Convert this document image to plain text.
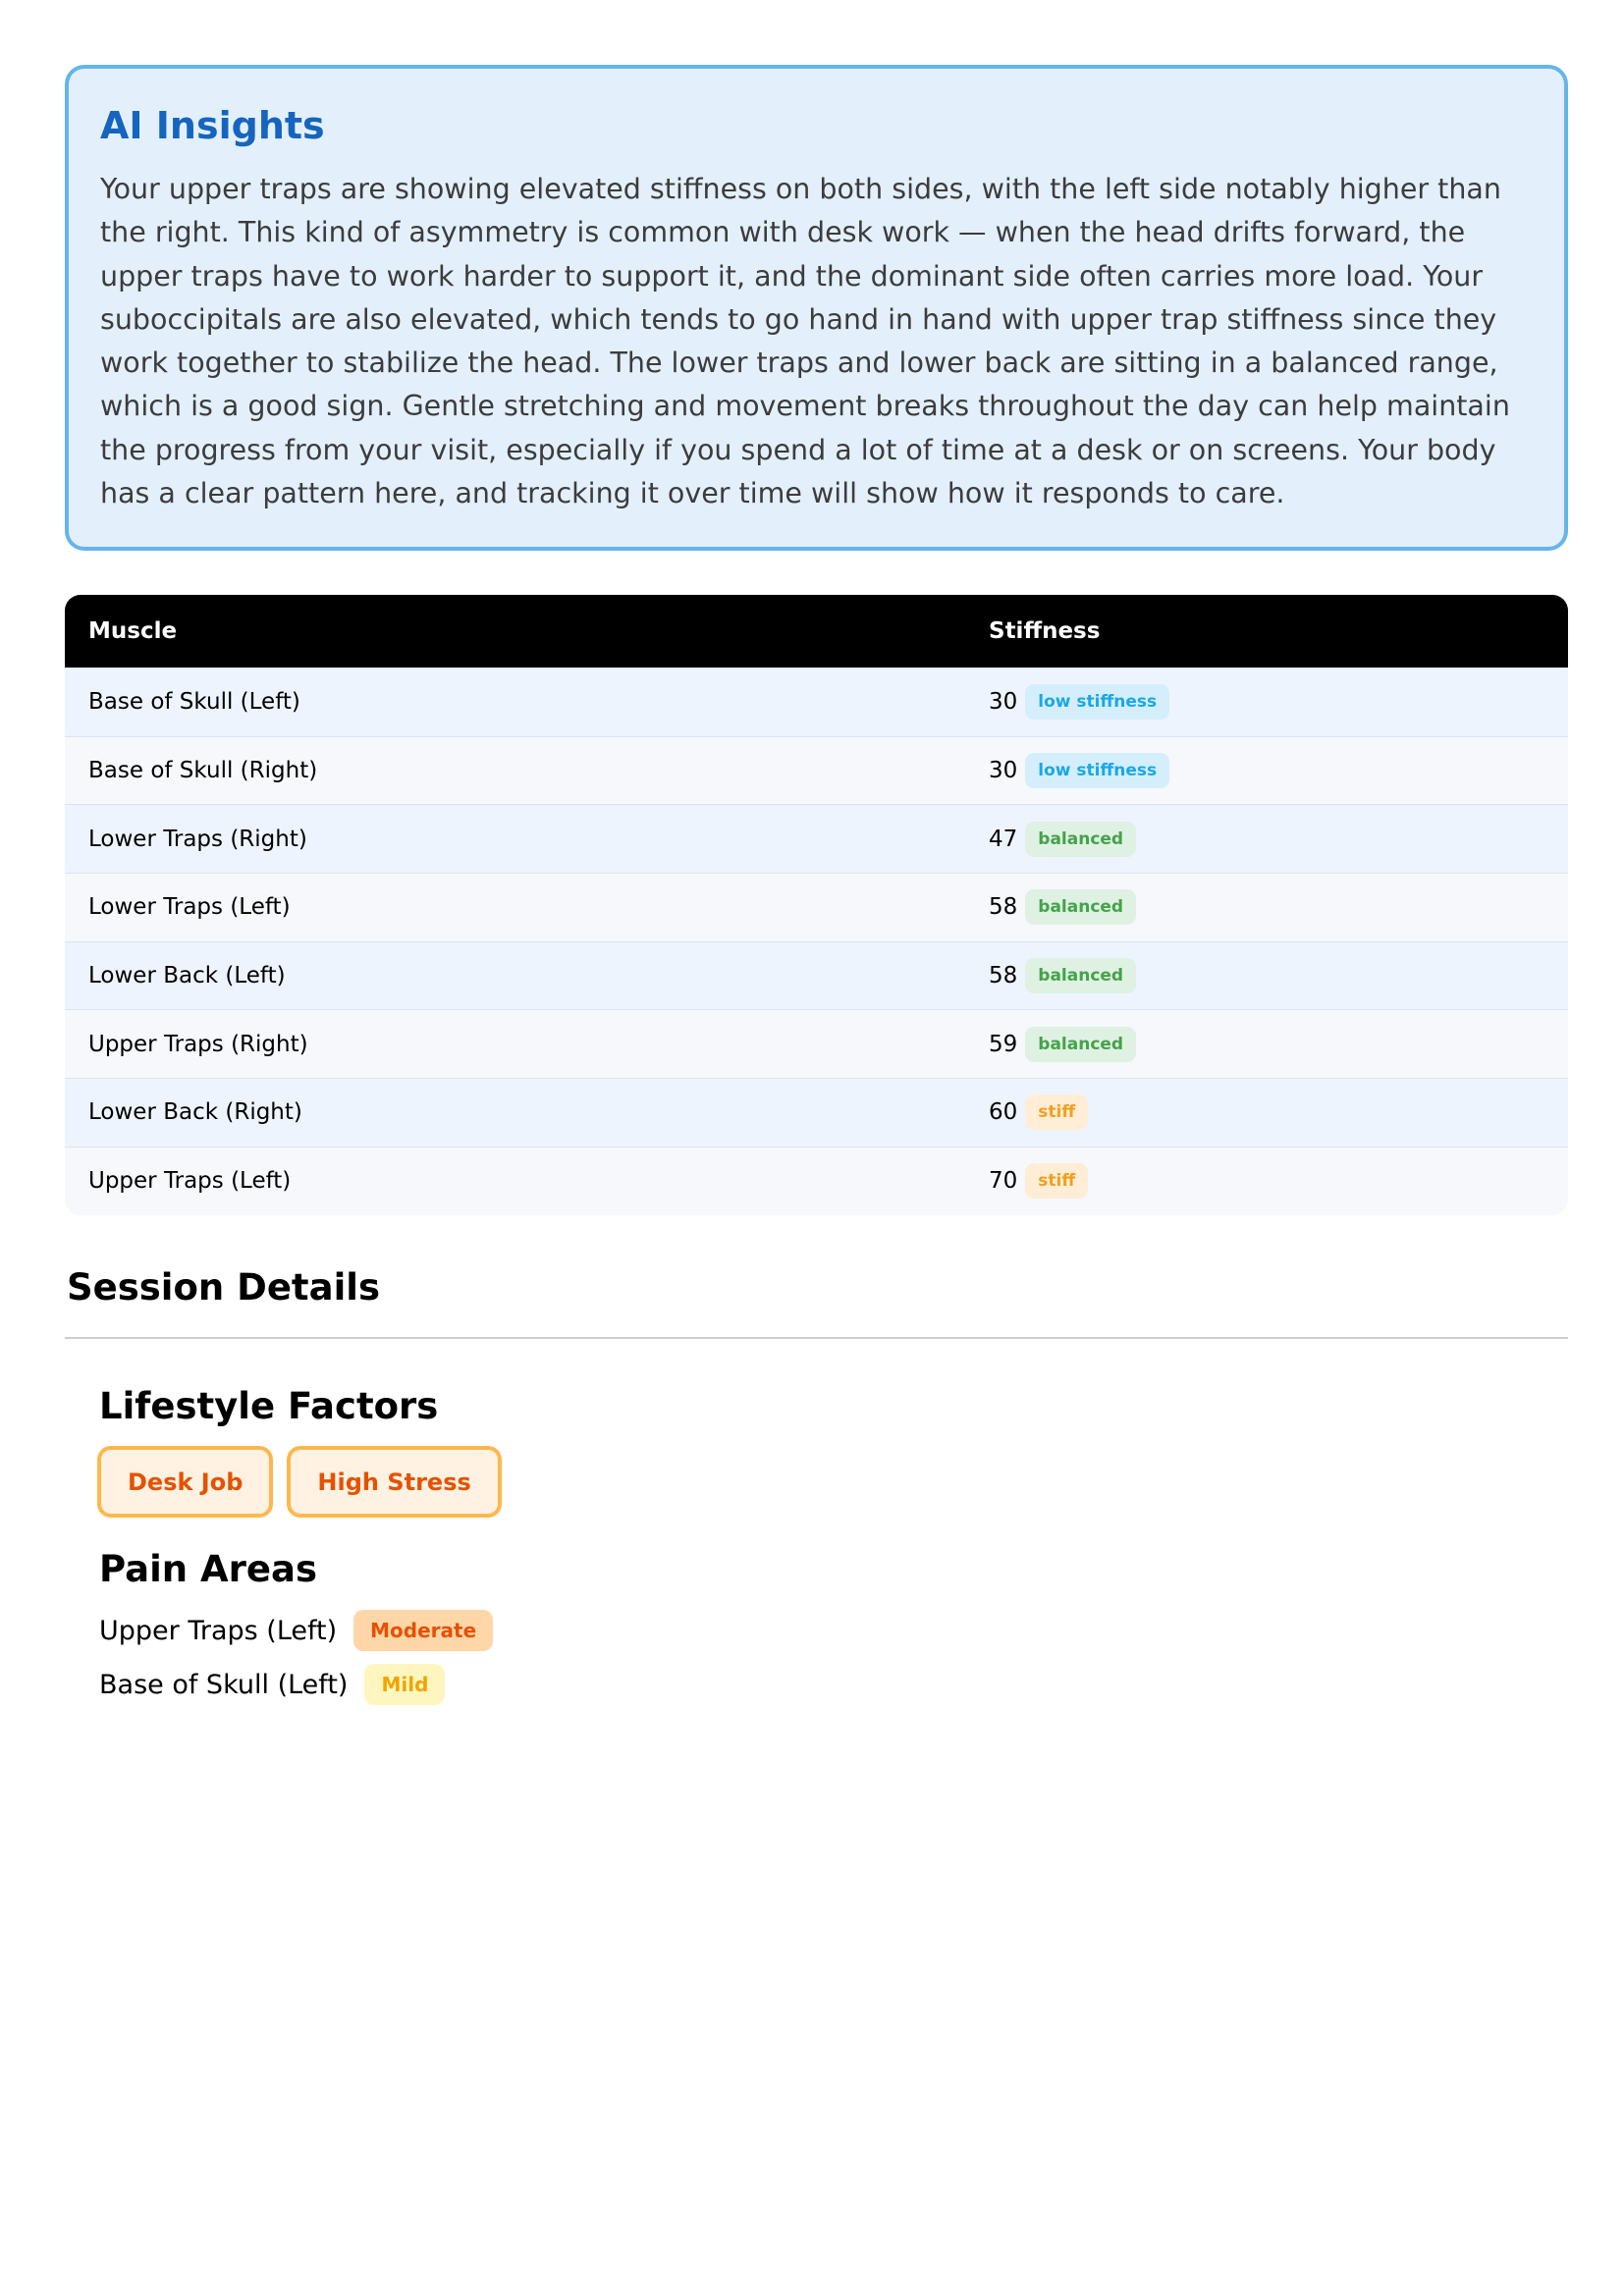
AI Insights

Your upper traps are showing elevated stiffness on both sides, with the left side notably higher than the right. This kind of asymmetry is common with desk work — when the head drifts forward, the upper traps have to work harder to support it, and the dominant side often carries more load. Your suboccipitals are also elevated, which tends to go hand in hand with upper trap stiffness since they work together to stabilize the head. The lower traps and lower back are sitting in a balanced range, which is a good sign. Gentle stretching and movement breaks throughout the day can help maintain the progress from your visit, especially if you spend a lot of time at a desk or on screens. Your body has a clear pattern here, and tracking it over time will show how it responds to care.

Muscle	Stiffness
Base of Skull (Left)	30 low stiffness
Base of Skull (Right)	30 low stiffness
Lower Traps (Right)	47 balanced
Lower Traps (Left)	58 balanced
Lower Back (Left)	58 balanced
Upper Traps (Right)	59 balanced
Lower Back (Right)	60 stiff
Upper Traps (Left)	70 stiff
Session Details
Lifestyle Factors
Desk Job	High Stress
Pain Areas
Upper Traps (Left)	Moderate
Base of Skull (Left)	Mild
